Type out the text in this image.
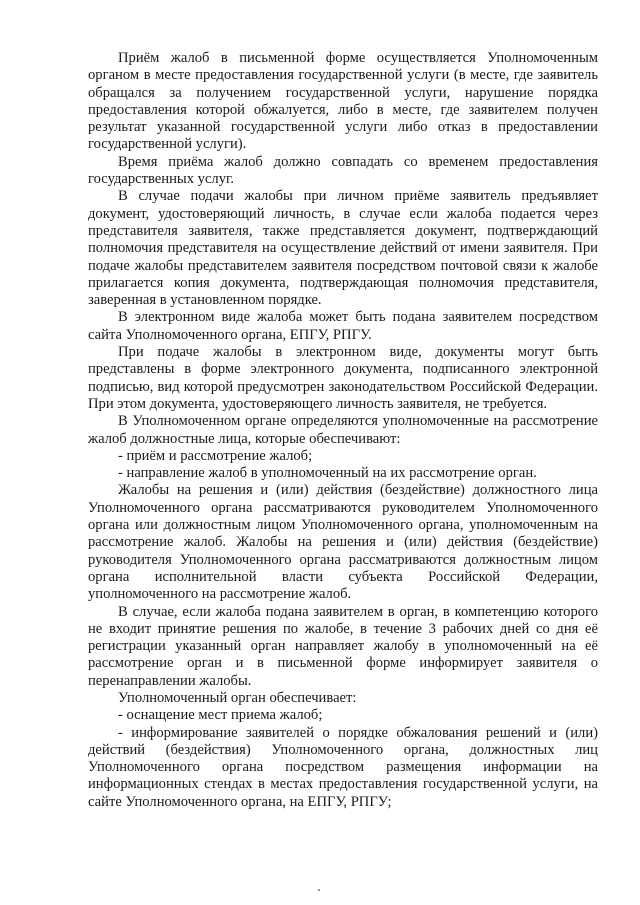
Приём жалоб в письменной форме осуществляется Уполномоченным органом в месте предоставления государственной услуги (в месте, где заявитель обращался за получением государственной услуги, нарушение порядка предоставления которой обжалуется, либо в месте, где заявителем получен результат указанной государственной услуги либо отказ в предоставлении государственной услуги).

Время приёма жалоб должно совпадать со временем предоставления государственных услуг.

В случае подачи жалобы при личном приёме заявитель предъявляет документ, удостоверяющий личность, в случае если жалоба подается через представителя заявителя, также представляется документ, подтверждающий полномочия представителя на осуществление действий от имени заявителя. При подаче жалобы представителем заявителя посредством почтовой связи к жалобе прилагается копия документа, подтверждающая полномочия представителя, заверенная в установленном порядке.

В электронном виде жалоба может быть подана заявителем посредством сайта Уполномоченного органа, ЕПГУ, РПГУ.

При подаче жалобы в электронном виде, документы могут быть представлены в форме электронного документа, подписанного электронной подписью, вид которой предусмотрен законодательством Российской Федерации. При этом документа, удостоверяющего личность заявителя, не требуется.

В Уполномоченном органе определяются уполномоченные на рассмотрение жалоб должностные лица, которые обеспечивают:

- приём и рассмотрение жалоб;

- направление жалоб в уполномоченный на их рассмотрение орган.

Жалобы на решения и (или) действия (бездействие) должностного лица Уполномоченного органа рассматриваются руководителем Уполномоченного органа или должностным лицом Уполномоченного органа, уполномоченным на рассмотрение жалоб. Жалобы на решения и (или) действия (бездействие) руководителя Уполномоченного органа рассматриваются должностным лицом органа исполнительной власти субъекта Российской Федерации, уполномоченного на рассмотрение жалоб.

В случае, если жалоба подана заявителем в орган, в компетенцию которого не входит принятие решения по жалобе, в течение 3 рабочих дней со дня её регистрации указанный орган направляет жалобу в уполномоченный на её рассмотрение орган и в письменной форме информирует заявителя о перенаправлении жалобы.

Уполномоченный орган обеспечивает:

- оснащение мест приема жалоб;

- информирование заявителей о порядке обжалования решений и (или) действий (бездействия) Уполномоченного органа, должностных лиц Уполномоченного органа посредством размещения информации на информационных стендах в местах предоставления государственной услуги, на сайте Уполномоченного органа, на ЕПГУ, РПГУ;
